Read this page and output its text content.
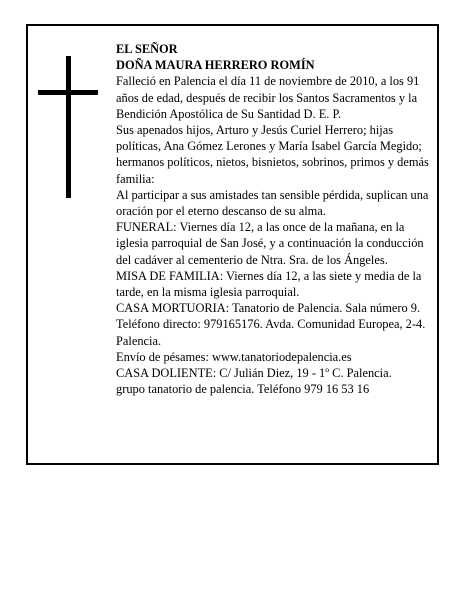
EL SEÑOR

DOÑA MAURA HERRERO ROMÍN

Falleció en Palencia el día 11 de noviembre de 2010, a los 91 años de edad, después de recibir los Santos Sacramentos y la Bendición Apostólica de Su Santidad D. E. P.

Sus apenados hijos, Arturo y Jesús Curiel Herrero; hijas políticas, Ana Gómez Lerones y María Isabel García Megido; hermanos políticos, nietos, bisnietos, sobrinos, primos y demás familia:

Al participar a sus amistades tan sensible pérdida, suplican una oración por el eterno descanso de su alma.

FUNERAL: Viernes día 12, a las once de la mañana, en la iglesia parroquial de San José, y a continuación la conducción del cadáver al cementerio de Ntra. Sra. de los Ángeles.

MISA DE FAMILIA: Viernes día 12, a las siete y media de la tarde, en la misma iglesia parroquial.

CASA MORTUORIA: Tanatorio de Palencia. Sala número 9. Teléfono directo: 979165176. Avda. Comunidad Europea, 2-4. Palencia.

Envío de pésames: www.tanatoriodepalencia.es

CASA DOLIENTE: C/ Julián Diez, 19 - 1º C. Palencia.

grupo tanatorio de palencia. Teléfono 979 16 53 16
